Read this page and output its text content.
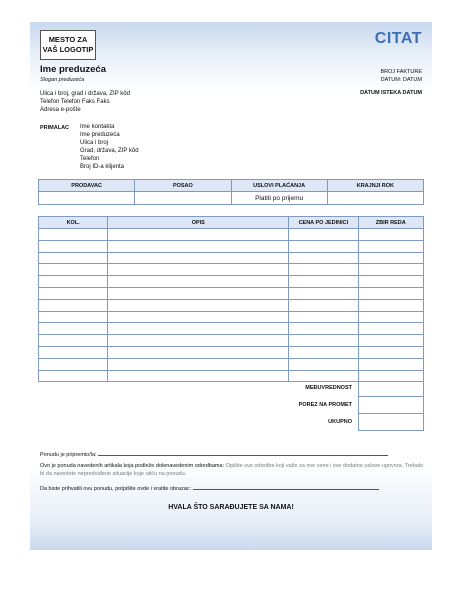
MESTO ZA
VAŠ LOGOTIP
CITAT
Ime preduzeća
Slogan preduzeća
BROJ FAKTURE
DATUM: DATUM
Ulica i broj, grad i država, ZIP kôd
Telefon Telefon Faks Faks
Adresa e-pošte
DATUM ISTEKA DATUM
PRIMALAC Ime kontakta
Ime preduzeća
Ulica i broj
Grad, država, ZIP kôd
Telefon
Broj ID-a klijenta
PRODAVAC	POSAO	USLOVI PLAĆANJA	KRAJNJI ROK
		Platiti po prijemu	
KOL.	OPIS	CENA PO JEDINICI	ZBIR REDA

MEĐUVREDNOST
POREZ NA PROMET
UKUPNO
Ponudu je pripremio/la:
Ovo je ponuda navedenih artikala koja podleže dolenavedenim odredbama: Opišite sve odredbe koji važe za ove cene i sve dodatne uslove ugovora. Trebalo bi da navedete nepredviđene situacije koje utiču na ponudu.
Da biste prihvatili ovu ponudu, potpišite ovde i vratite obrazac:
HVALA ŠTO SARAĐUJETE SA NAMA!
